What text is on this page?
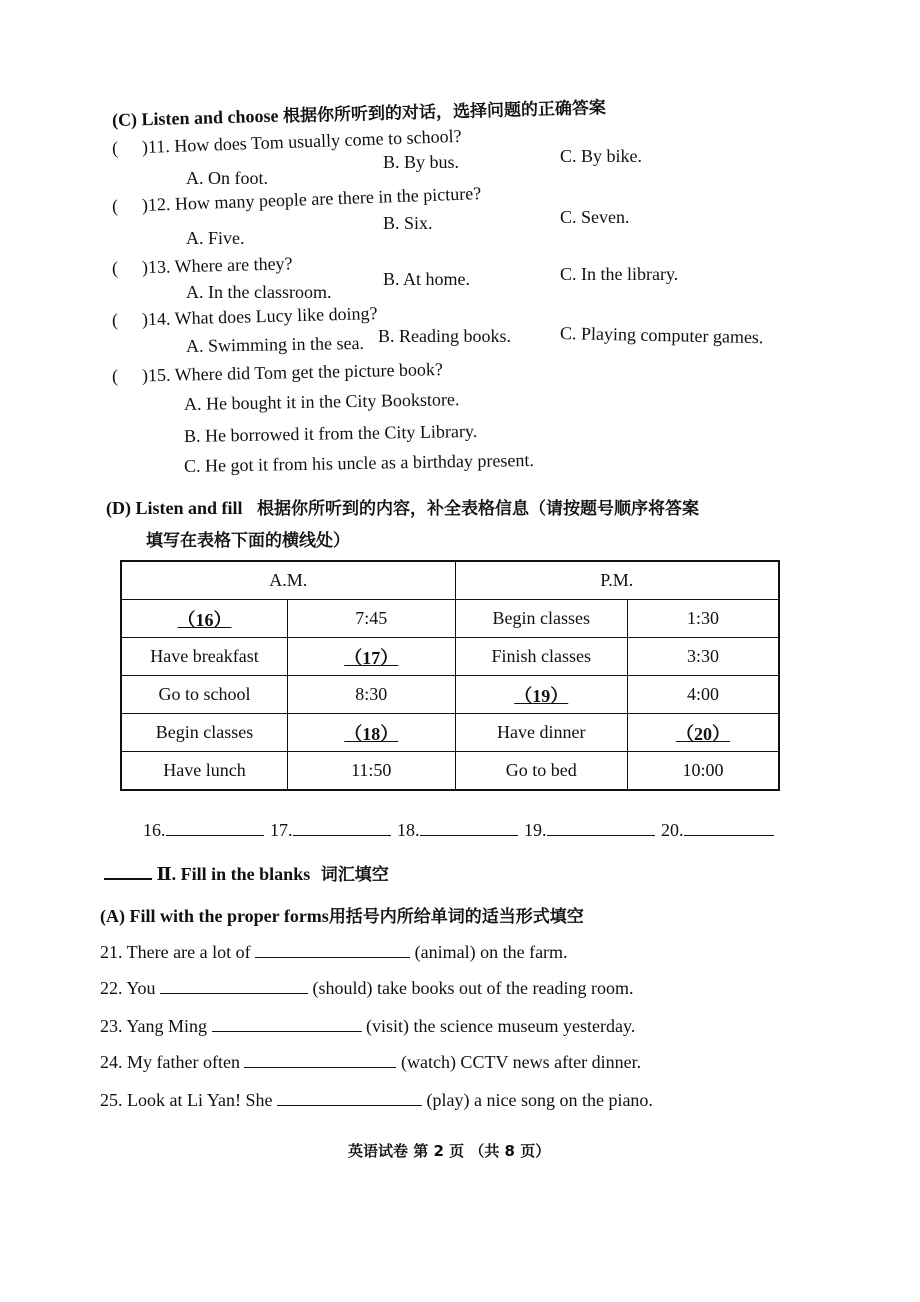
(C) Listen and choose 根据你所听到的对话，选择问题的正确答案
( )11. How does Tom usually come to school?
A. On foot.
B. By bus.	C. By bike.
( )12. How many people are there in the picture?
A. Five.
B. Six.	C. Seven.
( )13. Where are they?
A. In the classroom.
B. At home.	C. In the library.
( )14. What does Lucy like doing?
A. Swimming in the sea. B. Reading books.	C. Playing computer games.
( )15. Where did Tom get the picture book?
A. He bought it in the City Bookstore.
B. He borrowed it from the City Library.
C. He got it from his uncle as a birthday present.
(D) Listen and fill 根据你所听到的内容，补全表格信息（请按题号顺序将答案
填写在表格下面的横线处）
A.M.		P.M.	
（16）	7:45	Begin classes	1:30
Have breakfast	（17）	Finish classes	3:30
Go to school	8:30	（19）	4:00
Begin classes	（18）	Have dinner	（20）
Have lunch	11:50	Go to bed	10:00
16.	17.	18.	19.	20.
Ⅱ. Fill in the blanks 词汇填空
(A) Fill with the proper forms用括号内所给单词的适当形式填空
21. There are a lot of	(animal) on the farm.
22. You	(should) take books out of the reading room.
23. Yang Ming	(visit) the science museum yesterday.
24. My father often	(watch) CCTV news after dinner.
25. Look at Li Yan! She	(play) a nice song on the piano.
英语试卷 第 2 页 （共 8 页）
